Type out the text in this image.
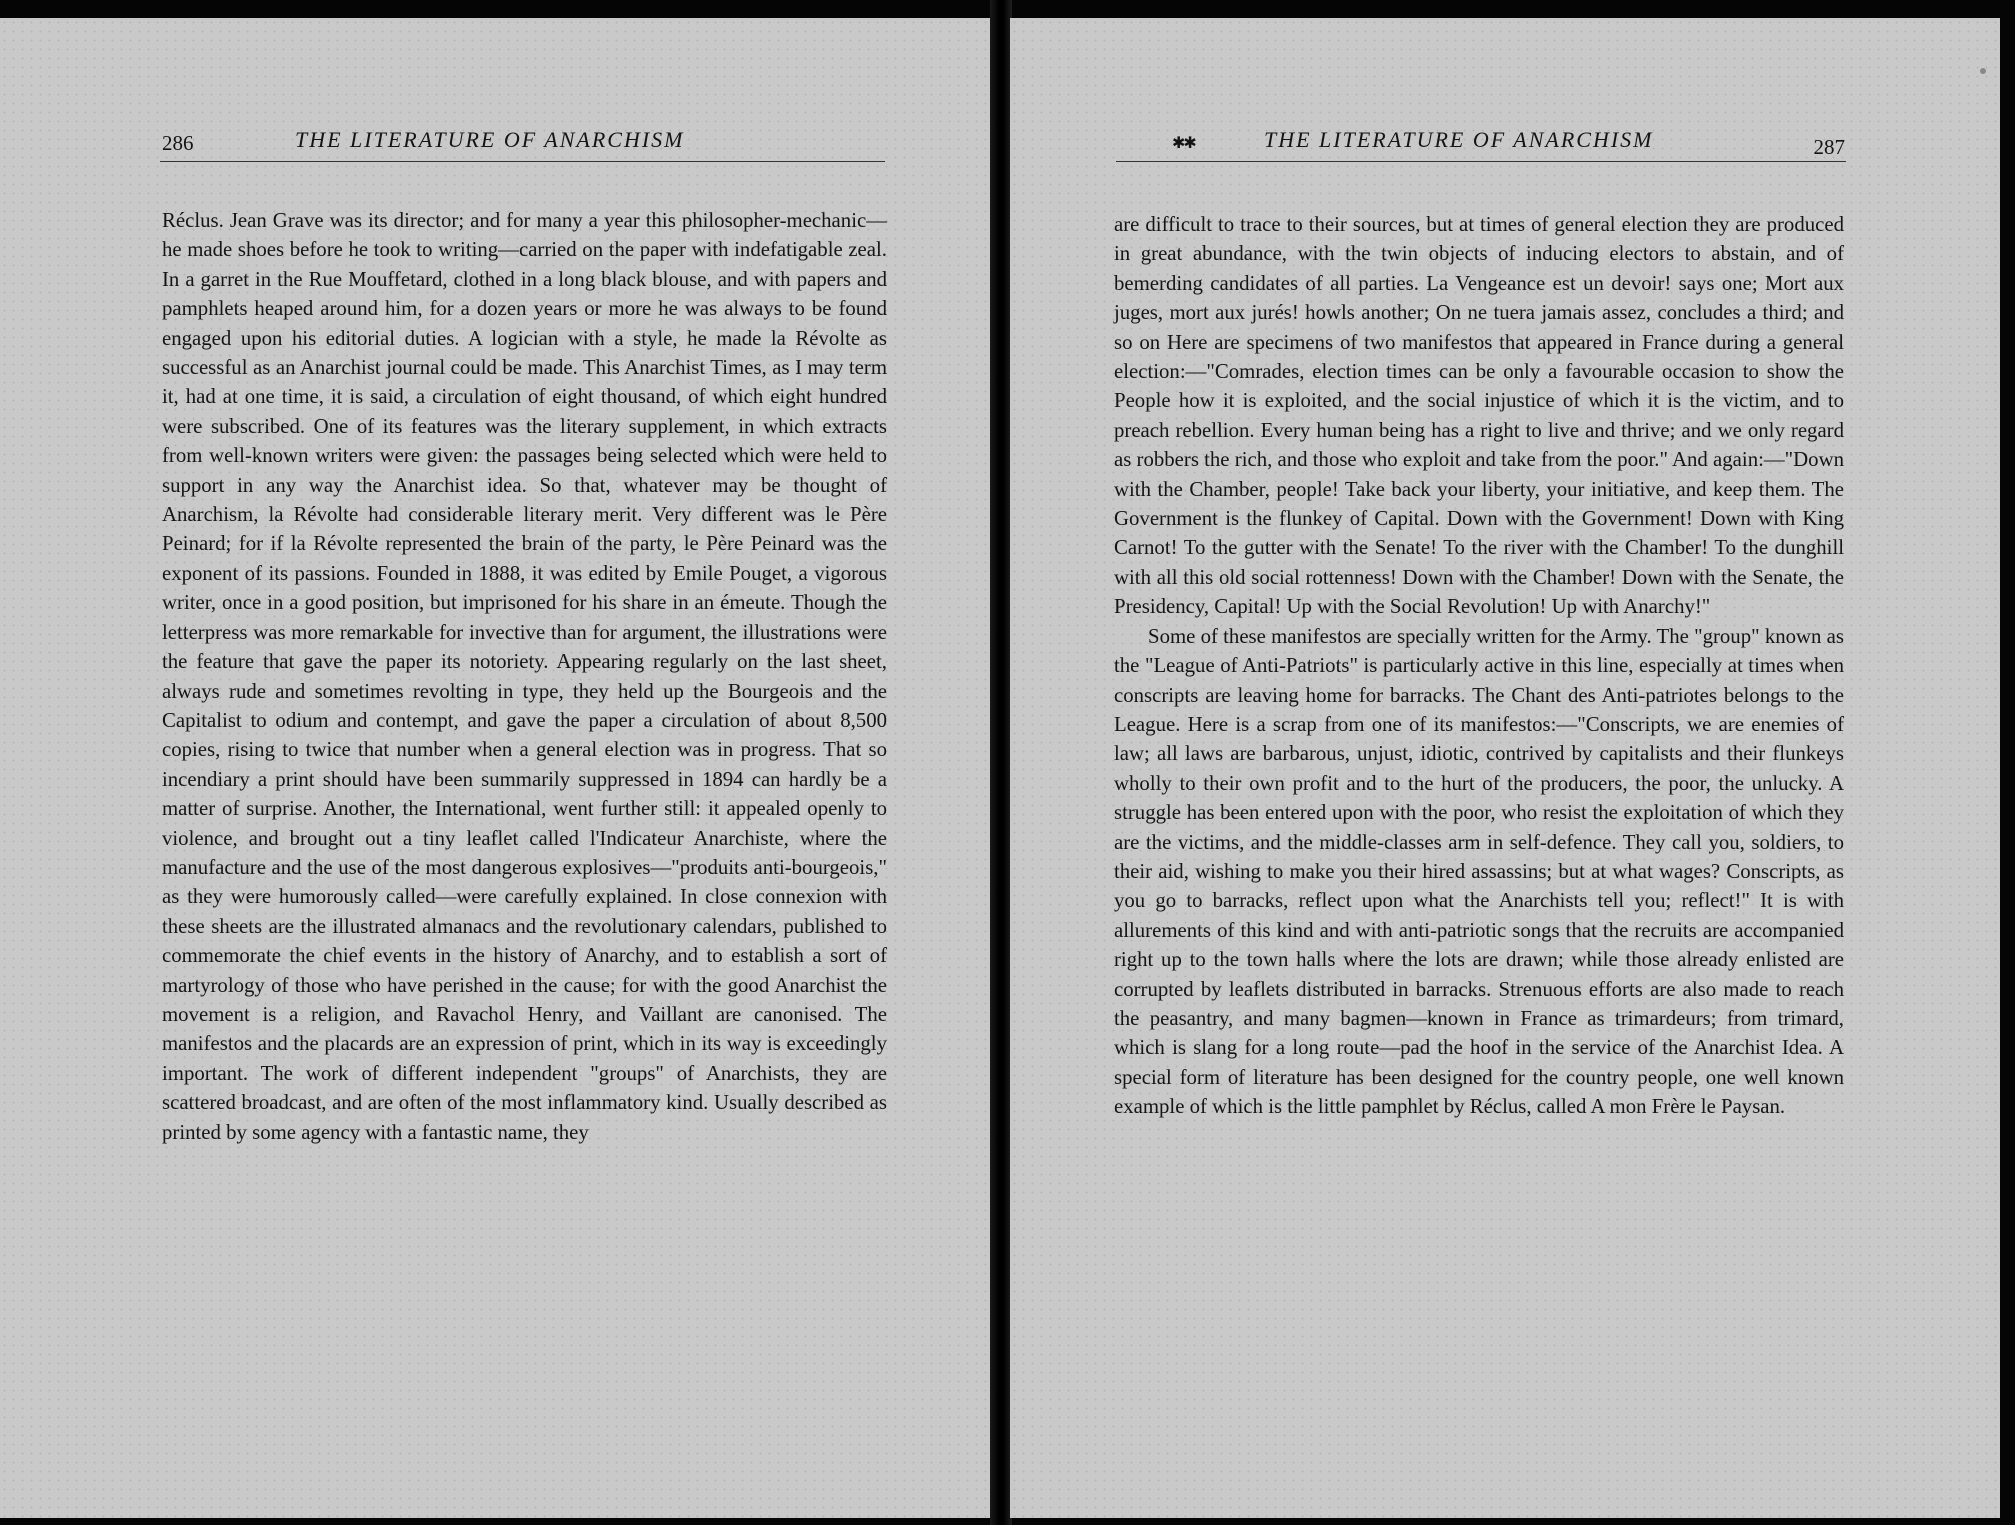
286	THE LITERATURE OF ANARCHISM

Réclus. Jean Grave was its director; and for many a year this philosopher-mechanic—he made shoes before he took to writing—carried on the paper with indefatigable zeal. In a garret in the Rue Mouffetard, clothed in a long black blouse, and with papers and pamphlets heaped around him, for a dozen years or more he was always to be found engaged upon his editorial duties. A logician with a style, he made la Révolte as successful as an Anarchist journal could be made. This Anarchist Times, as I may term it, had at one time, it is said, a circulation of eight thousand, of which eight hundred were subscribed. One of its features was the literary supplement, in which extracts from well-known writers were given: the passages being selected which were held to support in any way the Anarchist idea. So that, whatever may be thought of Anarchism, la Révolte had considerable literary merit. Very different was le Père Peinard; for if la Révolte represented the brain of the party, le Père Peinard was the exponent of its passions. Founded in 1888, it was edited by Emile Pouget, a vigorous writer, once in a good position, but imprisoned for his share in an émeute. Though the letterpress was more remarkable for invective than for argument, the illustrations were the feature that gave the paper its notoriety. Appearing regularly on the last sheet, always rude and sometimes revolting in type, they held up the Bourgeois and the Capitalist to odium and contempt, and gave the paper a circulation of about 8,500 copies, rising to twice that number when a general election was in progress. That so incendiary a print should have been summarily suppressed in 1894 can hardly be a matter of surprise. Another, the International, went further still: it appealed openly to violence, and brought out a tiny leaflet called l'Indicateur Anarchiste, where the manufacture and the use of the most dangerous explosives—"produits anti-bourgeois," as they were humorously called—were carefully explained. In close connexion with these sheets are the illustrated almanacs and the revolutionary calendars, published to commemorate the chief events in the history of Anarchy, and to establish a sort of martyrology of those who have perished in the cause; for with the good Anarchist the movement is a religion, and Ravachol Henry, and Vaillant are canonised. The manifestos and the placards are an expression of print, which in its way is exceedingly important. The work of different independent "groups" of Anarchists, they are scattered broadcast, and are often of the most inflammatory kind. Usually described as printed by some agency with a fantastic name, they

✱✱	THE LITERATURE OF ANARCHISM	287

are difficult to trace to their sources, but at times of general election they are produced in great abundance, with the twin objects of inducing electors to abstain, and of bemerding candidates of all parties. La Vengeance est un devoir! says one; Mort aux juges, mort aux jurés! howls another; On ne tuera jamais assez, concludes a third; and so on Here are specimens of two manifestos that appeared in France during a general election:—"Comrades, election times can be only a favourable occasion to show the People how it is exploited, and the social injustice of which it is the victim, and to preach rebellion. Every human being has a right to live and thrive; and we only regard as robbers the rich, and those who exploit and take from the poor." And again:—"Down with the Chamber, people! Take back your liberty, your initiative, and keep them. The Government is the flunkey of Capital. Down with the Government! Down with King Carnot! To the gutter with the Senate! To the river with the Chamber! To the dunghill with all this old social rottenness! Down with the Chamber! Down with the Senate, the Presidency, Capital! Up with the Social Revolution! Up with Anarchy!"

Some of these manifestos are specially written for the Army. The "group" known as the "League of Anti-Patriots" is particularly active in this line, especially at times when conscripts are leaving home for barracks. The Chant des Anti-patriotes belongs to the League. Here is a scrap from one of its manifestos:—"Conscripts, we are enemies of law; all laws are barbarous, unjust, idiotic, contrived by capitalists and their flunkeys wholly to their own profit and to the hurt of the producers, the poor, the unlucky. A struggle has been entered upon with the poor, who resist the exploitation of which they are the victims, and the middle-classes arm in self-defence. They call you, soldiers, to their aid, wishing to make you their hired assassins; but at what wages? Conscripts, as you go to barracks, reflect upon what the Anarchists tell you; reflect!" It is with allurements of this kind and with anti-patriotic songs that the recruits are accompanied right up to the town halls where the lots are drawn; while those already enlisted are corrupted by leaflets distributed in barracks. Strenuous efforts are also made to reach the peasantry, and many bagmen—known in France as trimardeurs; from trimard, which is slang for a long route—pad the hoof in the service of the Anarchist Idea. A special form of literature has been designed for the country people, one well known example of which is the little pamphlet by Réclus, called A mon Frère le Paysan.
